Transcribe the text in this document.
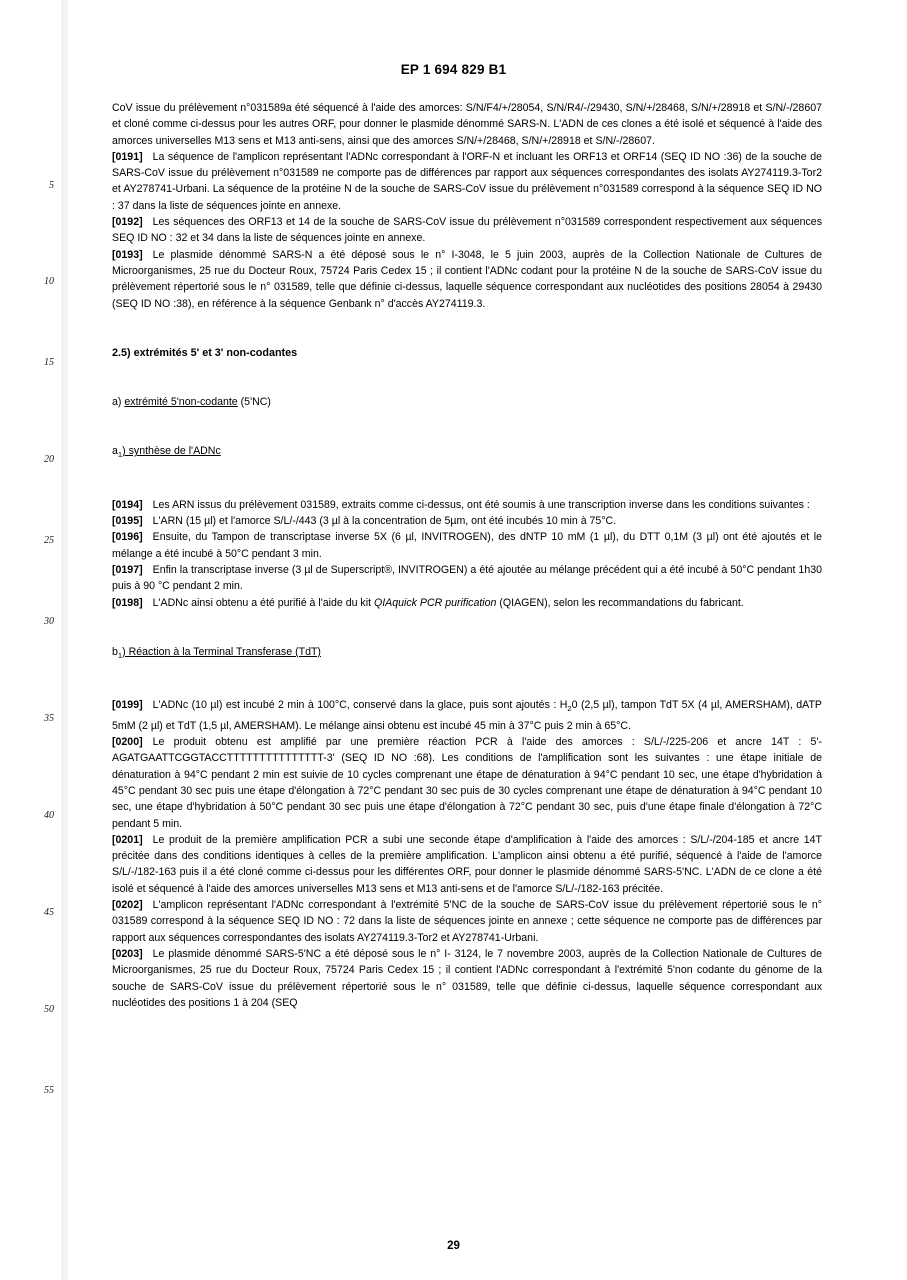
EP 1 694 829 B1
5
10
15
20
25
30
35
40
45
50
55

CoV issue du prélèvement n°031589a été séquencé à l'aide des amorces: S/N/F4/+/28054, S/N/R4/-/29430, S/N/+/28468, S/N/+/28918 et S/N/-/28607 et cloné comme ci-dessus pour les autres ORF, pour donner le plasmide dénommé SARS-N. L'ADN de ces clones a été isolé et séquencé à l'aide des amorces universelles M13 sens et M13 anti-sens, ainsi que des amorces S/N/+/28468, S/N/+/28918 et S/N/-/28607.

[0191] La séquence de l'amplicon représentant l'ADNc correspondant à l'ORF-N et incluant les ORF13 et ORF14 (SEQ ID NO :36) de la souche de SARS-CoV issue du prélèvement n°031589 ne comporte pas de différences par rapport aux séquences correspondantes des isolats AY274119.3-Tor2 et AY278741-Urbani. La séquence de la protéine N de la souche de SARS-CoV issue du prélèvement n°031589 correspond à la séquence SEQ ID NO : 37 dans la liste de séquences jointe en annexe.

[0192] Les séquences des ORF13 et 14 de la souche de SARS-CoV issue du prélèvement n°031589 correspondent respectivement aux séquences SEQ ID NO : 32 et 34 dans la liste de séquences jointe en annexe.

[0193] Le plasmide dénommé SARS-N a été déposé sous le n° I-3048, le 5 juin 2003, auprès de la Collection Nationale de Cultures de Microorganismes, 25 rue du Docteur Roux, 75724 Paris Cedex 15 ; il contient l'ADNc codant pour la protéine N de la souche de SARS-CoV issue du prélèvement répertorié sous le n° 031589, telle que définie ci-dessus, laquelle séquence correspondant aux nucléotides des positions 28054 à 29430 (SEQ ID NO :38), en référence à la séquence Genbank n° d'accès AY274119.3.

2.5) extrémités 5' et 3' non-codantes

a) extrémité 5'non-codante (5'NC)

$a_1$) synthèse de l'ADNc

[0194] Les ARN issus du prélèvement 031589, extraits comme ci-dessus, ont été soumis à une transcription inverse dans les conditions suivantes :

[0195] L'ARN (15 µl) et l'amorce S/L/-/443 (3 µl à la concentration de 5µm, ont été incubés 10 min à 75°C.

[0196] Ensuite, du Tampon de transcriptase inverse 5X (6 µl, INVITROGEN), des dNTP 10 mM (1 µl), du DTT 0,1M (3 µl) ont été ajoutés et le mélange a été incubé à 50°C pendant 3 min.

[0197] Enfin la transcriptase inverse (3 µl de Superscript®, INVITROGEN) a été ajoutée au mélange précédent qui a été incubé à 50°C pendant 1h30 puis à 90 °C pendant 2 min.

[0198] L'ADNc ainsi obtenu a été purifié à l'aide du kit QIAquick PCR purification (QIAGEN), selon les recommandations du fabricant.

$b_1$) Réaction à la Terminal Transferase (TdT)

[0199] L'ADNc (10 µl) est incubé 2 min à 100°C, conservé dans la glace, puis sont ajoutés : $H_20$ (2,5 µl), tampon TdT 5X (4 µl, AMERSHAM), dATP 5mM (2 µl) et TdT (1,5 µl, AMERSHAM). Le mélange ainsi obtenu est incubé 45 min à 37°C puis 2 min à 65°C.

[0200] Le produit obtenu est amplifié par une première réaction PCR à l'aide des amorces : S/L/-/225-206 et ancre 14T : 5'-AGATGAATTCGGTACCTTTTTTTTTTTTTTT-3' (SEQ ID NO :68). Les conditions de l'amplification sont les suivantes : une étape initiale de dénaturation à 94°C pendant 2 min est suivie de 10 cycles comprenant une étape de dénaturation à 94°C pendant 10 sec, une étape d'hybridation à 45°C pendant 30 sec puis une étape d'élongation à 72°C pendant 30 sec puis de 30 cycles comprenant une étape de dénaturation à 94°C pendant 10 sec, une étape d'hybridation à 50°C pendant 30 sec puis une étape d'élongation à 72°C pendant 30 sec, puis d'une étape finale d'élongation à 72°C pendant 5 min.

[0201] Le produit de la première amplification PCR a subi une seconde étape d'amplification à l'aide des amorces : S/L/-/204-185 et ancre 14T précitée dans des conditions identiques à celles de la première amplification. L'amplicon ainsi obtenu a été purifié, séquencé à l'aide de l'amorce S/L/-/182-163 puis il a été cloné comme ci-dessus pour les différentes ORF, pour donner le plasmide dénommé SARS-5'NC. L'ADN de ce clone a été isolé et séquencé à l'aide des amorces universelles M13 sens et M13 anti-sens et de l'amorce S/L/-/182-163 précitée.

[0202] L'amplicon représentant l'ADNc correspondant à l'extrémité 5'NC de la souche de SARS-CoV issue du prélèvement répertorié sous le n° 031589 correspond à la séquence SEQ ID NO : 72 dans la liste de séquences jointe en annexe ; cette séquence ne comporte pas de différences par rapport aux séquences correspondantes des isolats AY274119.3-Tor2 et AY278741-Urbani.

[0203] Le plasmide dénommé SARS-5'NC a été déposé sous le n° I- 3124, le 7 novembre 2003, auprès de la Collection Nationale de Cultures de Microorganismes, 25 rue du Docteur Roux, 75724 Paris Cedex 15 ; il contient l'ADNc correspondant à l'extrémité 5'non codante du génome de la souche de SARS-CoV issue du prélèvement répertorié sous le n° 031589, telle que définie ci-dessus, laquelle séquence correspondant aux nucléotides des positions 1 à 204 (SEQ

29
